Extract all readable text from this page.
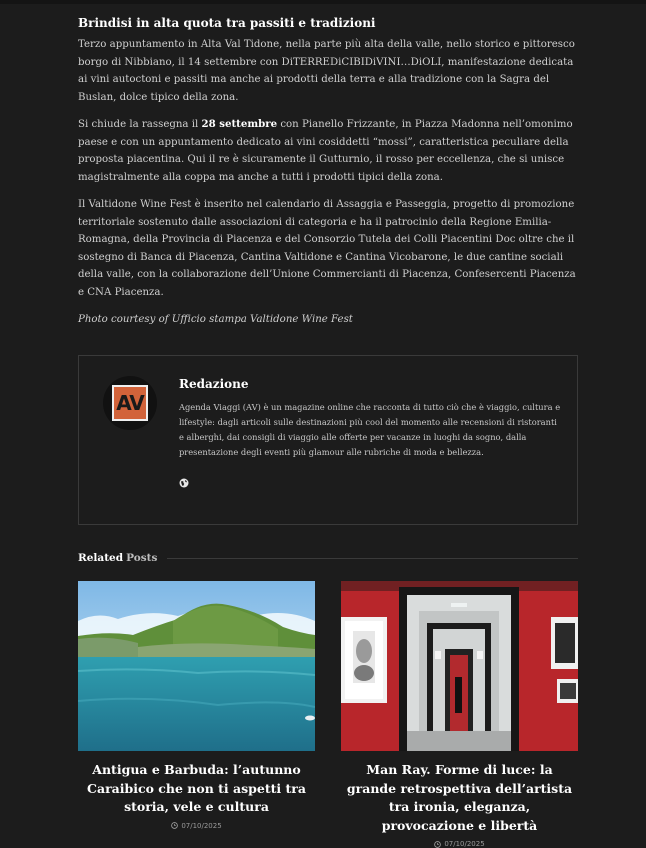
Brindisi in alta quota tra passiti e tradizioni

Terzo appuntamento in Alta Val Tidone, nella parte più alta della valle, nello storico e pittoresco borgo di Nibbiano, il 14 settembre con DiTERREDiCIBIDiVINI…DiOLI, manifestazione dedicata ai vini autoctoni e passiti ma anche ai prodotti della terra e alla tradizione con la Sagra del Buslan, dolce tipico della zona.

Si chiude la rassegna il 28 settembre con Pianello Frizzante, in Piazza Madonna nell’omonimo paese e con un appuntamento dedicato ai vini cosiddetti “mossi”, caratteristica peculiare della proposta piacentina. Qui il re è sicuramente il Gutturnio, il rosso per eccellenza, che si unisce magistralmente alla coppa ma anche a tutti i prodotti tipici della zona.

Il Valtidone Wine Fest è inserito nel calendario di Assaggia e Passeggia, progetto di promozione territoriale sostenuto dalle associazioni di categoria e ha il patrocinio della Regione Emilia-Romagna, della Provincia di Piacenza e del Consorzio Tutela dei Colli Piacentini Doc oltre che il sostegno di Banca di Piacenza, Cantina Valtidone e Cantina Vicobarone, le due cantine sociali della valle, con la collaborazione dell’Unione Commercianti di Piacenza, Confesercenti Piacenza e CNA Piacenza.

Photo courtesy of Ufficio stampa Valtidone Wine Fest

AV
Redazione
Agenda Viaggi (AV) è un magazine online che racconta di tutto ciò che è viaggio, cultura e lifestyle: dagli articoli sulle destinazioni più cool del momento alle recensioni di ristoranti e alberghi, dai consigli di viaggio alle offerte per vacanze in luoghi da sogno, dalla presentazione degli eventi più glamour alle rubriche di moda e bellezza.
Related Posts
Antigua e Barbuda: l’autunno Caraibico che non ti aspetti tra storia, vele e cultura
07/10/2025
Man Ray. Forme di luce: la grande retrospettiva dell’artista tra ironia, eleganza, provocazione e libertà
07/10/2025
